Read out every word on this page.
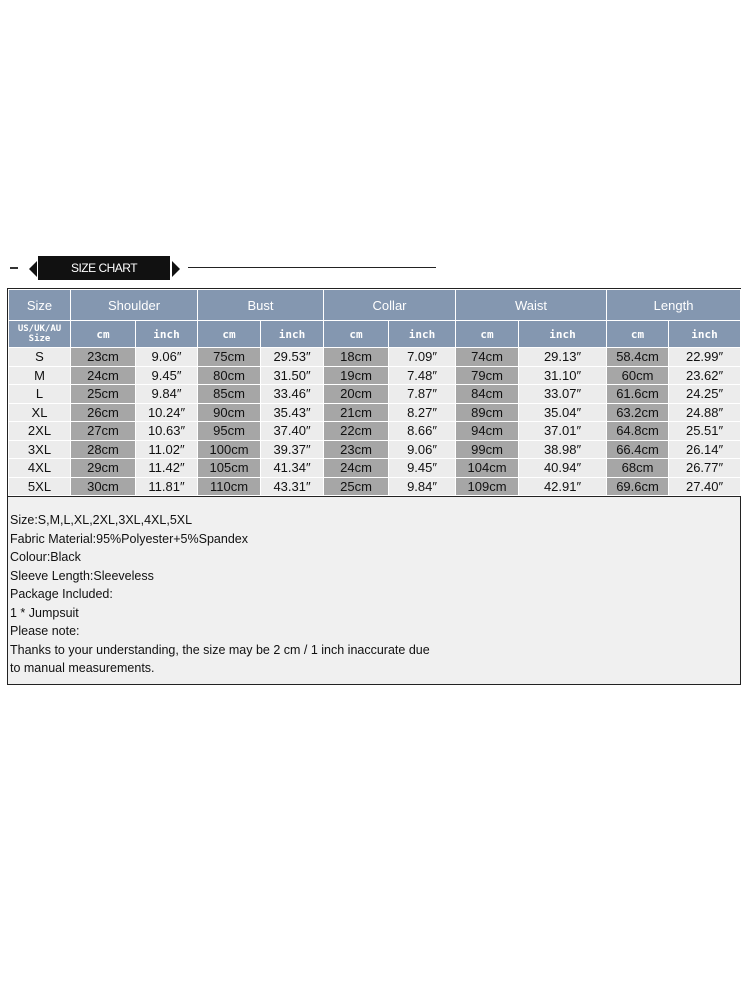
SIZE CHART
Size	Shoulder		Bust		Collar		Waist		Length	
US/UK/AU Size	cm	inch	cm	inch	cm	inch	cm	inch	cm	inch
S	23cm	9.06″	75cm	29.53″	18cm	7.09″	74cm	29.13″	58.4cm	22.99″
M	24cm	9.45″	80cm	31.50″	19cm	7.48″	79cm	31.10″	60cm	23.62″
L	25cm	9.84″	85cm	33.46″	20cm	7.87″	84cm	33.07″	61.6cm	24.25″
XL	26cm	10.24″	90cm	35.43″	21cm	8.27″	89cm	35.04″	63.2cm	24.88″
2XL	27cm	10.63″	95cm	37.40″	22cm	8.66″	94cm	37.01″	64.8cm	25.51″
3XL	28cm	11.02″	100cm	39.37″	23cm	9.06″	99cm	38.98″	66.4cm	26.14″
4XL	29cm	11.42″	105cm	41.34″	24cm	9.45″	104cm	40.94″	68cm	26.77″
5XL	30cm	11.81″	110cm	43.31″	25cm	9.84″	109cm	42.91″	69.6cm	27.40″
Size:S,M,L,XL,2XL,3XL,4XL,5XL
Fabric Material:95%Polyester+5%Spandex
Colour:Black
Sleeve Length:Sleeveless
Package Included:
1 * Jumpsuit
Please note:
Thanks to your understanding, the size may be 2 cm / 1 inch inaccurate due
to manual measurements.
